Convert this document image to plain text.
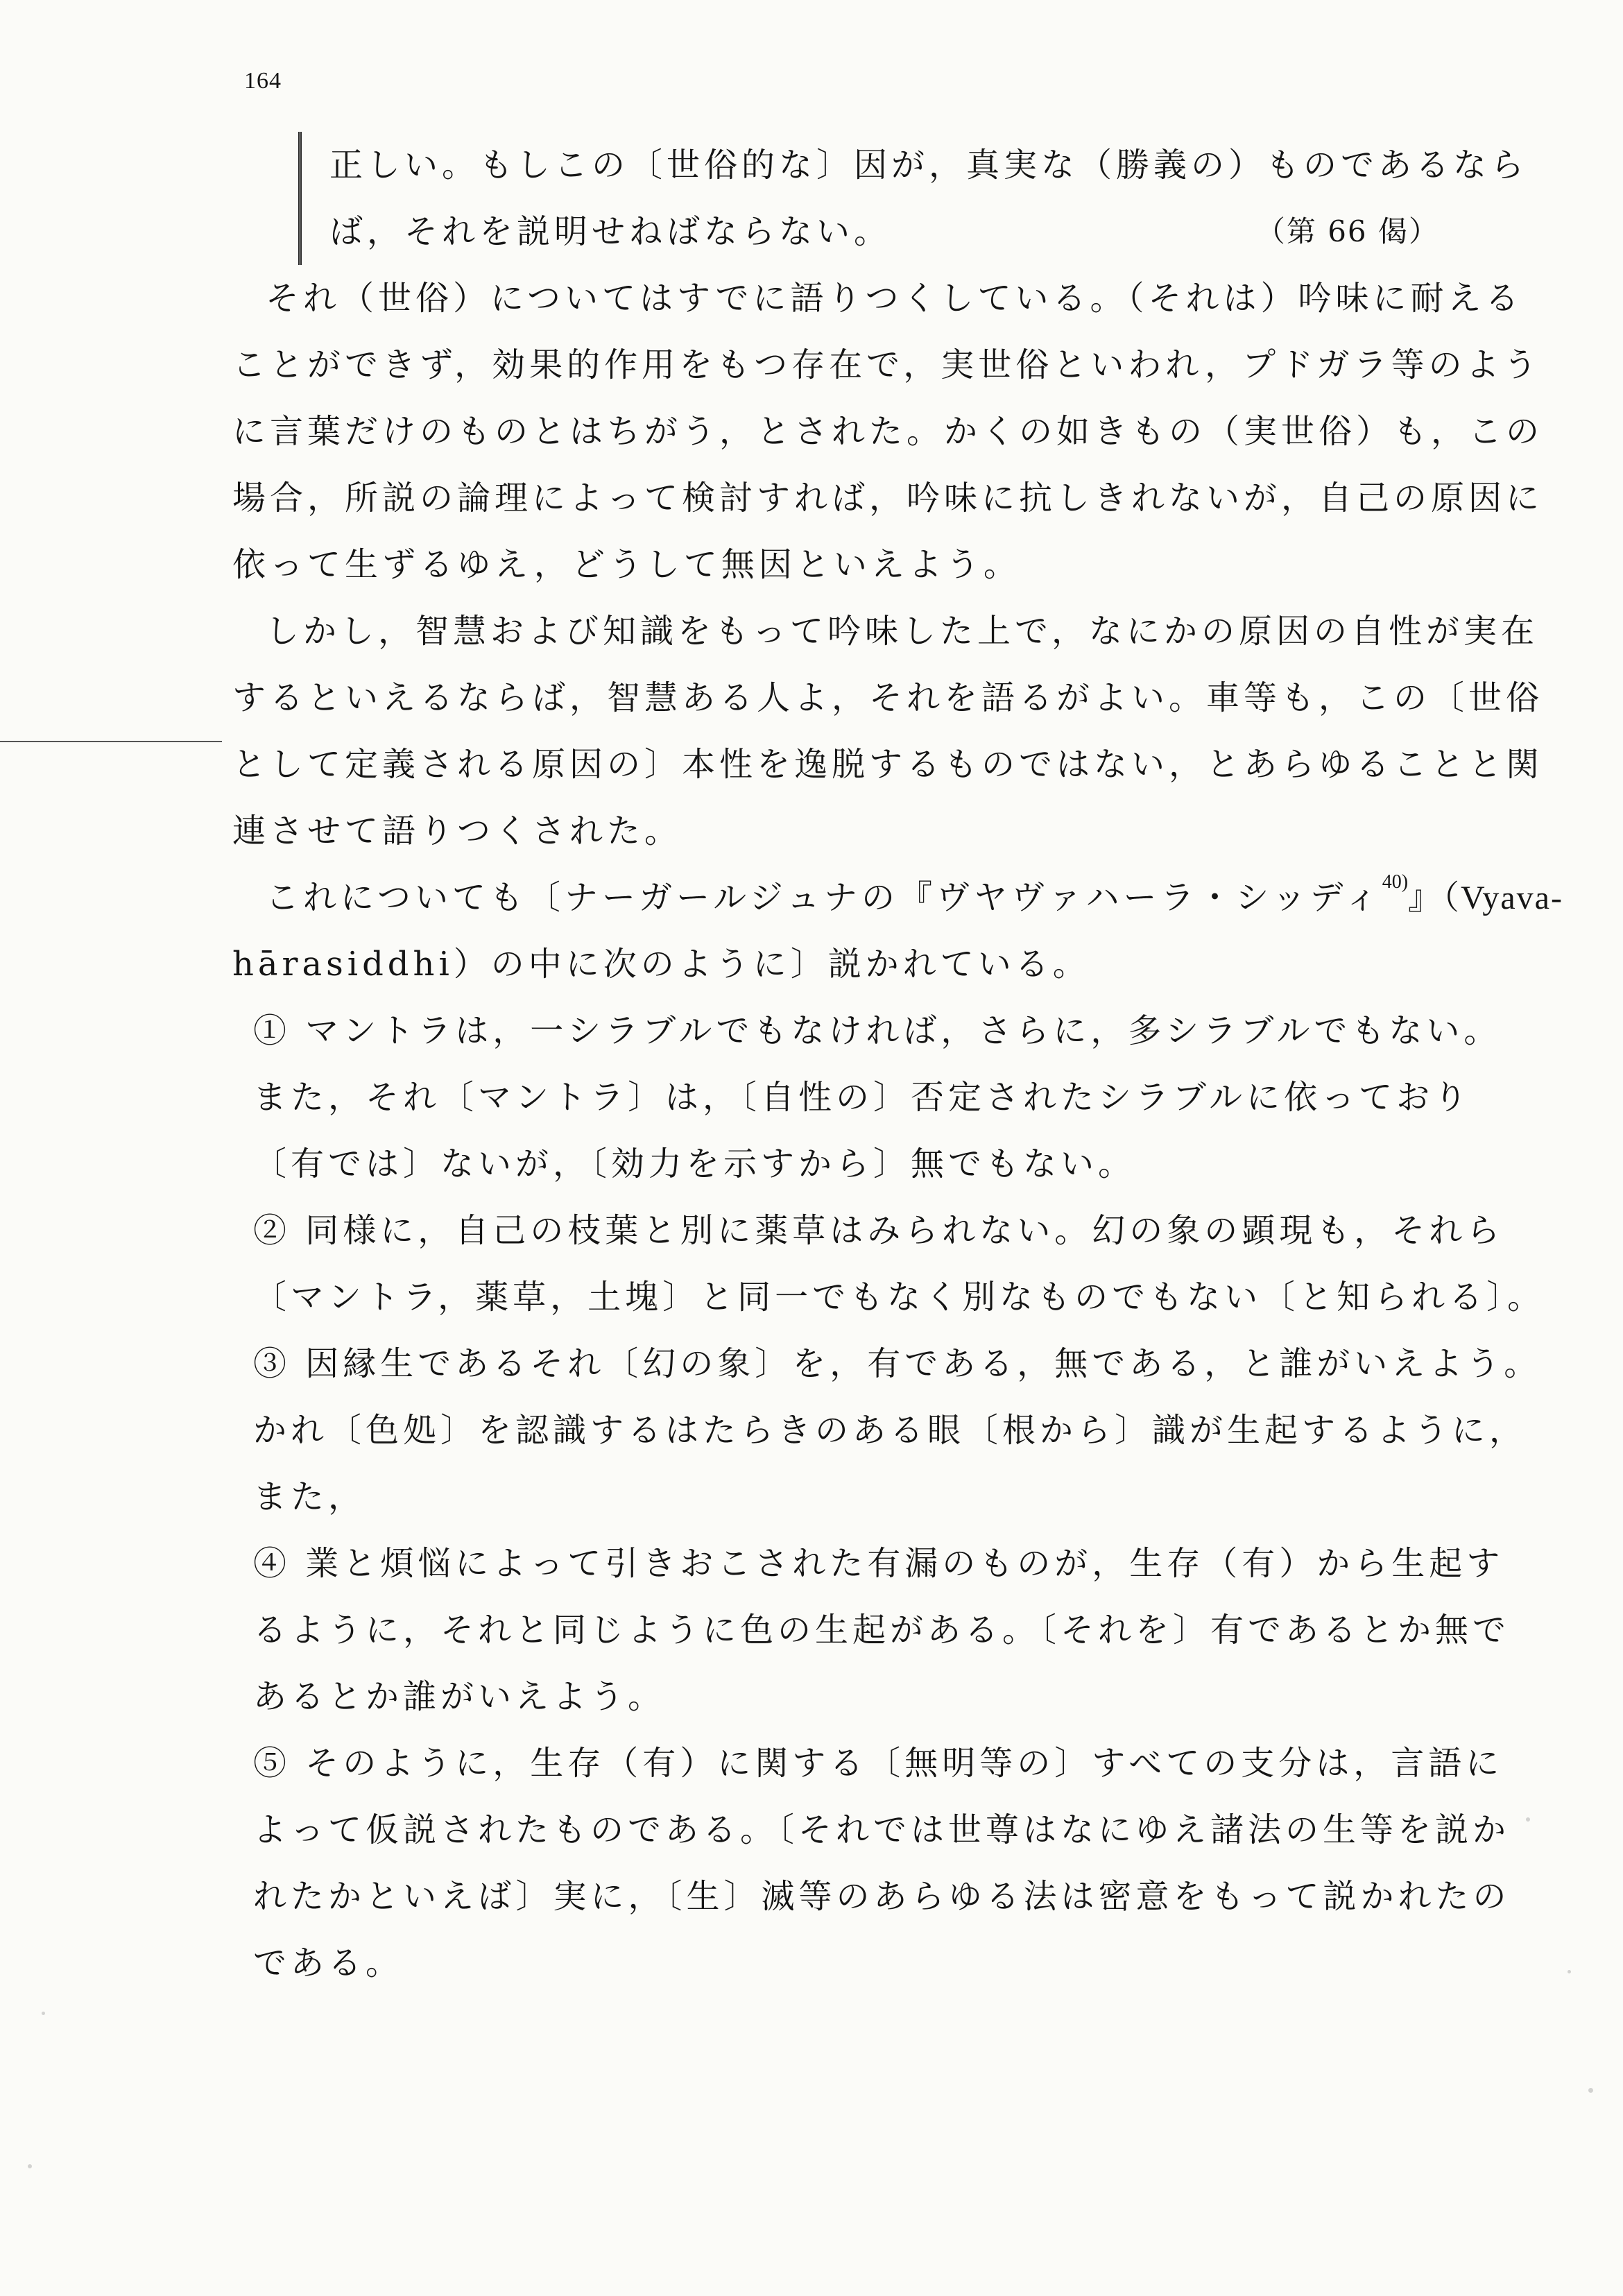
164
正しい。もしこの〔世俗的な〕因が，真実な（勝義の）ものであるなら
ば，それを説明せねばならない。	（第 66 偈）
それ（世俗）についてはすでに語りつくしている。（それは）吟味に耐える
ことができず，効果的作用をもつ存在で，実世俗といわれ，プドガラ等のよう
に言葉だけのものとはちがう，とされた。かくの如きもの（実世俗）も，この
場合，所説の論理によって検討すれば，吟味に抗しきれないが，自己の原因に
依って生ずるゆえ，どうして無因といえよう。
しかし，智慧および知識をもって吟味した上で，なにかの原因の自性が実在
するといえるならば，智慧ある人よ，それを語るがよい。車等も，この〔世俗
として定義される原因の〕本性を逸脱するものではない，とあらゆることと関
連させて語りつくされた。
これについても〔ナーガールジュナの『ヴヤヴァハーラ・シッディ$^{40)}$』（Vyava-
hārasiddhi）の中に次のように〕説かれている。
① マントラは，一シラブルでもなければ，さらに，多シラブルでもない。
また，それ〔マントラ〕は，〔自性の〕否定されたシラブルに依っており
〔有では〕ないが，〔効力を示すから〕無でもない。
② 同様に，自己の枝葉と別に薬草はみられない。幻の象の顕現も，それら
〔マントラ，薬草，土塊〕と同一でもなく別なものでもない〔と知られる〕。
③ 因縁生であるそれ〔幻の象〕を，有である，無である，と誰がいえよう。
かれ〔色処〕を認識するはたらきのある眼〔根から〕識が生起するように，
また，
④ 業と煩悩によって引きおこされた有漏のものが，生存（有）から生起す
るように，それと同じように色の生起がある。〔それを〕有であるとか無で
あるとか誰がいえよう。
⑤ そのように，生存（有）に関する〔無明等の〕すべての支分は，言語に
よって仮説されたものである。〔それでは世尊はなにゆえ諸法の生等を説か
れたかといえば〕実に，〔生〕滅等のあらゆる法は密意をもって説かれたの
である。
